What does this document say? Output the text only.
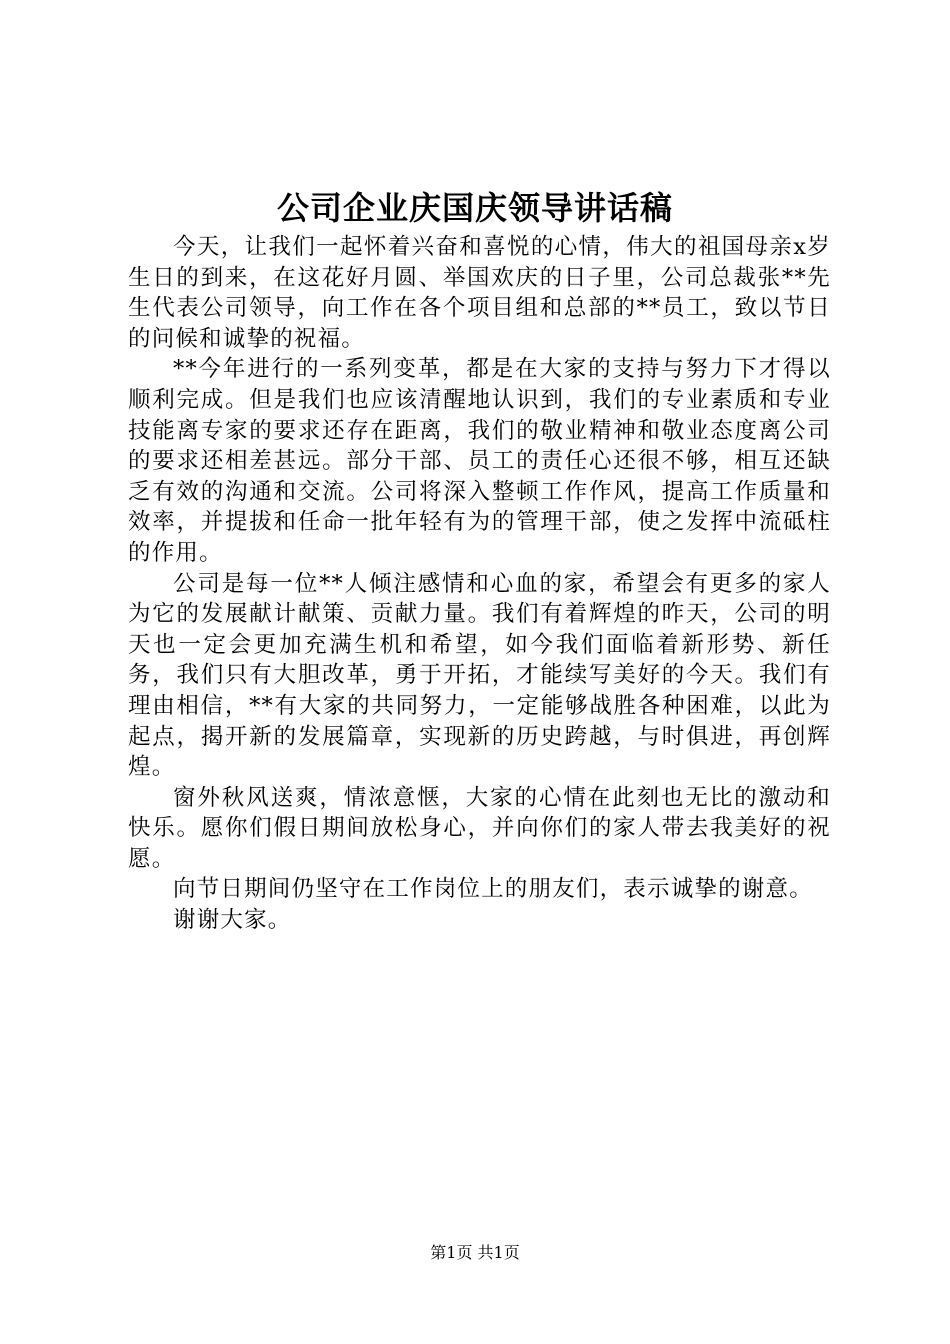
公司企业庆国庆领导讲话稿

今天，让我们一起怀着兴奋和喜悦的心情，伟大的祖国母亲x岁生日的到来，在这花好月圆、举国欢庆的日子里，公司总裁张**先生代表公司领导，向工作在各个项目组和总部的**员工，致以节日的问候和诚挚的祝福。

**今年进行的一系列变革，都是在大家的支持与努力下才得以顺利完成。但是我们也应该清醒地认识到，我们的专业素质和专业技能离专家的要求还存在距离，我们的敬业精神和敬业态度离公司的要求还相差甚远。部分干部、员工的责任心还很不够，相互还缺乏有效的沟通和交流。公司将深入整顿工作作风，提高工作质量和效率，并提拔和任命一批年轻有为的管理干部，使之发挥中流砥柱的作用。

公司是每一位**人倾注感情和心血的家，希望会有更多的家人为它的发展献计献策、贡献力量。我们有着辉煌的昨天，公司的明天也一定会更加充满生机和希望，如今我们面临着新形势、新任务，我们只有大胆改革，勇于开拓，才能续写美好的今天。我们有理由相信，**有大家的共同努力，一定能够战胜各种困难，以此为起点，揭开新的发展篇章，实现新的历史跨越，与时俱进，再创辉煌。

窗外秋风送爽，情浓意惬，大家的心情在此刻也无比的激动和快乐。愿你们假日期间放松身心，并向你们的家人带去我美好的祝愿。

向节日期间仍坚守在工作岗位上的朋友们，表示诚挚的谢意。

谢谢大家。

第1页 共1页
